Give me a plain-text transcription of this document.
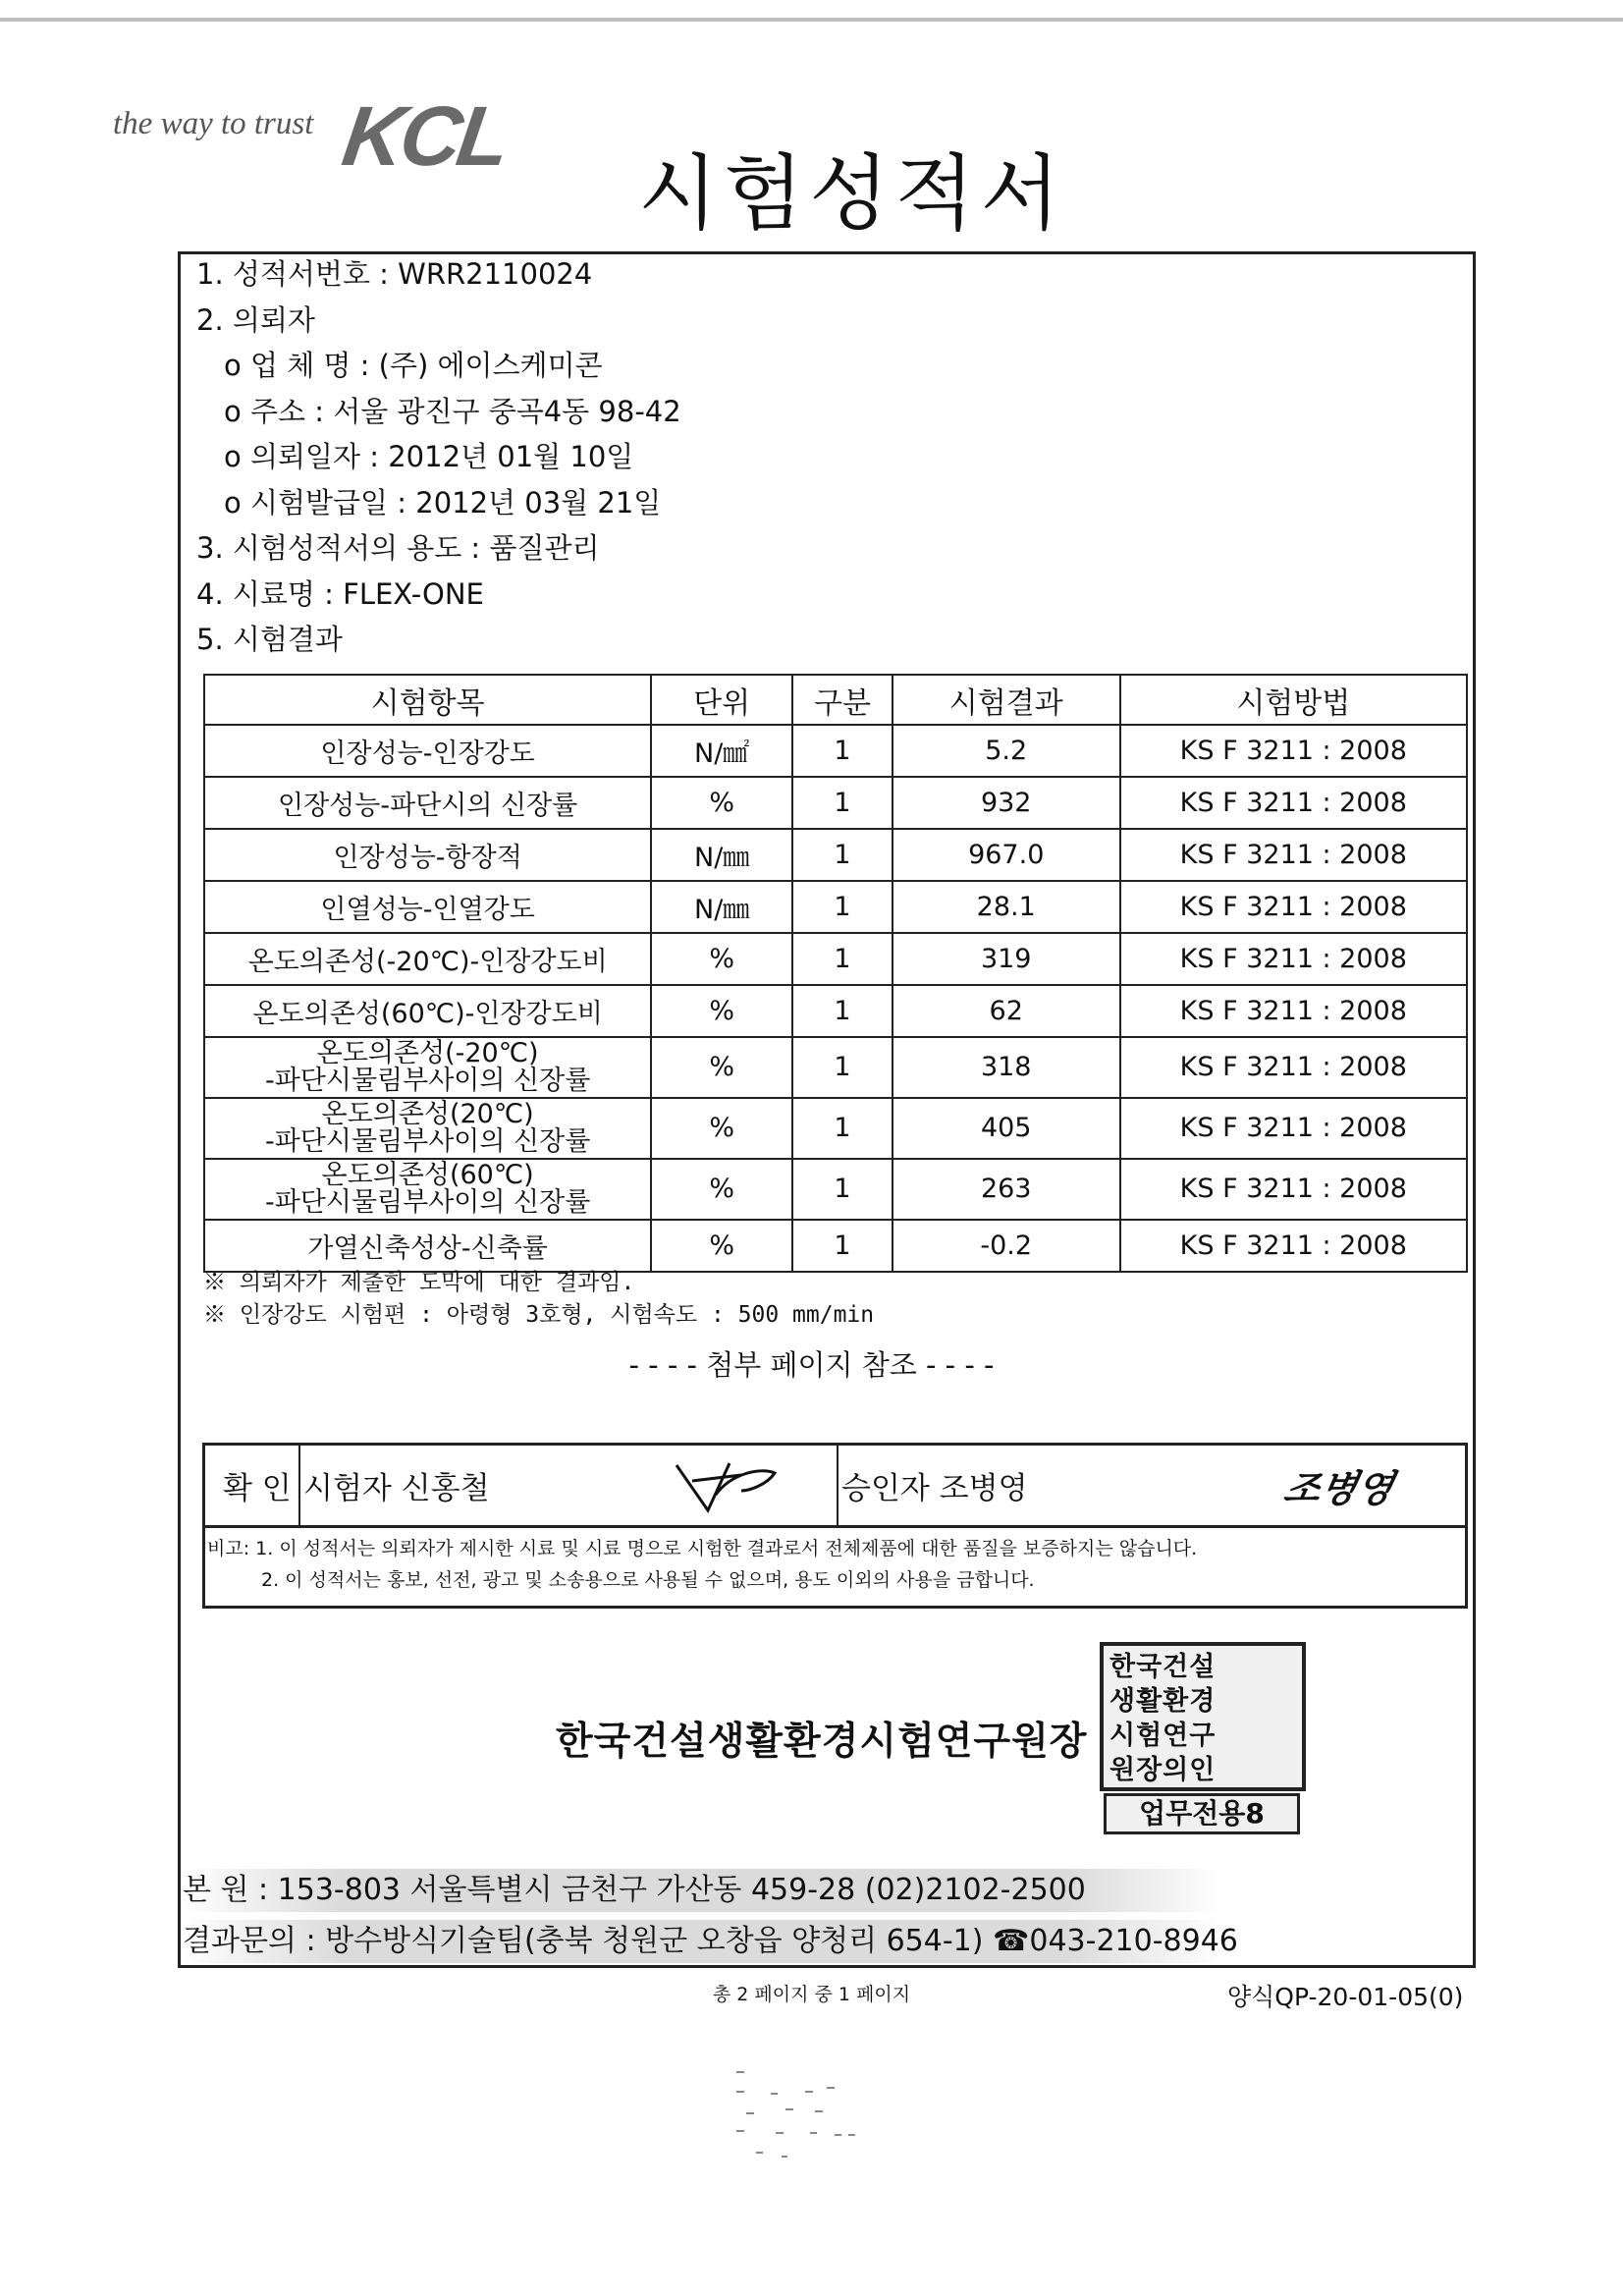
the way to trust KCL
시험성적서
1. 성적서번호 : WRR2110024
2. 의뢰자
o 업 체 명 : (주) 에이스케미콘
o 주소 : 서울 광진구 중곡4동 98-42
o 의뢰일자 : 2012년 01월 10일
o 시험발급일 : 2012년 03월 21일
3. 시험성적서의 용도 : 품질관리
4. 시료명 : FLEX-ONE
5. 시험결과
시험항목	단위	구분	시험결과	시험방법
인장성능-인장강도	N/㎟	1	5.2	KS F 3211 : 2008
인장성능-파단시의 신장률	%	1	932	KS F 3211 : 2008
인장성능-항장적	N/㎜	1	967.0	KS F 3211 : 2008
인열성능-인열강도	N/㎜	1	28.1	KS F 3211 : 2008
온도의존성(-20℃)-인장강도비	%	1	319	KS F 3211 : 2008
온도의존성(60℃)-인장강도비	%	1	62	KS F 3211 : 2008
온도의존성(-20℃)
-파단시물림부사이의 신장률	%	1	318	KS F 3211 : 2008
온도의존성(20℃)
-파단시물림부사이의 신장률	%	1	405	KS F 3211 : 2008
온도의존성(60℃)
-파단시물림부사이의 신장률	%	1	263	KS F 3211 : 2008
가열신축성상-신축률	%	1	-0.2	KS F 3211 : 2008
※ 의뢰자가 제출한 도막에 대한 결과임.
※ 인장강도 시험편 : 아령형 3호형, 시험속도 : 500 mm/min
- - - - 첨부 페이지 참조 - - - -
확 인 시험자 신홍철	승인자 조병영	조병영
비고: 1. 이 성적서는 의뢰자가 제시한 시료 및 시료 명으로 시험한 결과로서 전체제품에 대한 품질을 보증하지는 않습니다.
2. 이 성적서는 홍보, 선전, 광고 및 소송용으로 사용될 수 없으며, 용도 이외의 사용을 금합니다.
한국건설생활환경시험연구원장
한국건설
생활환경
시험연구
원장의인
업무전용8
본 원 : 153-803 서울특별시 금천구 가산동 459-28 (02)2102-2500
결과문의 : 방수방식기술팀(충북 청원군 오창읍 양청리 654-1) ☎043-210-8946
총 2 페이지 중 1 페이지	양식QP-20-01-05(0)
